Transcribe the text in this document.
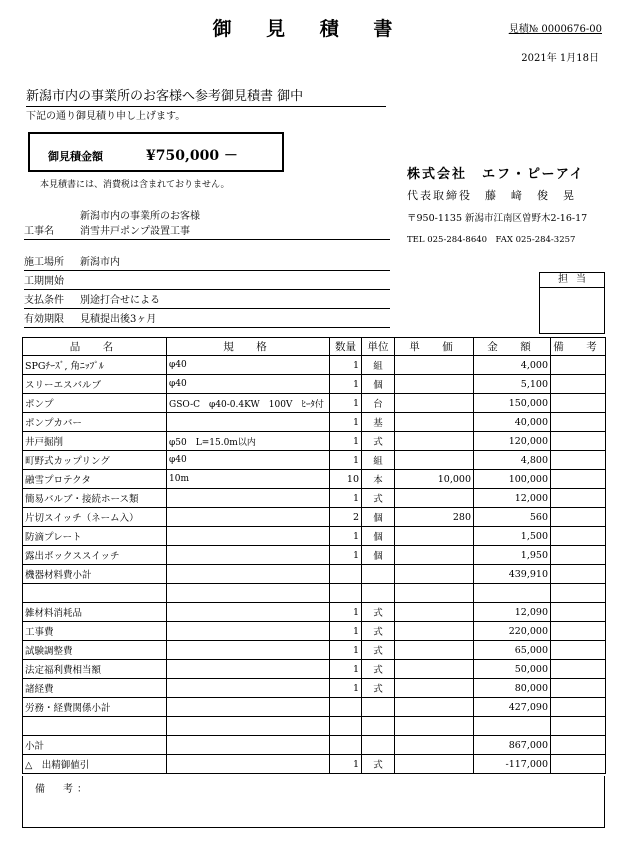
御 見 積 書	見積№ 0000676-00
2021年 1月18日
新潟市内の事業所のお客様へ参考御見積書 御中
下記の通り御見積り申し上げます。
御見積金額	¥750,000 －
本見積書には、消費税は含まれておりません。
株式会社　エフ・ピーアイ
代表取締役　藤　﨑　俊　晃
〒950-1135 新潟市江南区曽野木2-16-17
TEL 025-284-8640　FAX 025-284-3257
新潟市内の事業所のお客様
工事名	消雪井戸ポンプ設置工事
施工場所 新潟市内
工期開始
支払条件 別途打合せによる
有効期限 見積提出後3ヶ月
担当
品　名	規　格	数量	単位	単　価	金　額	備　考
SPGﾁｰｽﾞ, 角ﾆｯﾌﾟﾙ	φ40	1	組		4,000	
スリーエスバルブ	φ40	1	個		5,100	
ポンプ	GSO-C　φ40-0.4KW　100V　ﾋｰﾀ付	1	台		150,000	
ポンプカバー		1	基		40,000	
井戸掘削	φ50　L=15.0m以内	1	式		120,000	
町野式カップリング	φ40	1	組		4,800	
融雪プロテクタ	10m	10	本	10,000	100,000	
簡易バルブ・接続ホース類		1	式		12,000	
片切スイッチ（ネーム入）		2	個	280	560	
防滴プレート		1	個		1,500	
露出ボックススイッチ		1	個		1,950	
機器材料費小計					439,910	

雑材料消耗品		1	式		12,090	
工事費		1	式		220,000	
試験調整費		1	式		65,000	
法定福利費相当額		1	式		50,000	
諸経費		1	式		80,000	
労務・経費関係小計					427,090	

小計					867,000	
△　出精御値引		1	式		-117,000	
備　考：
